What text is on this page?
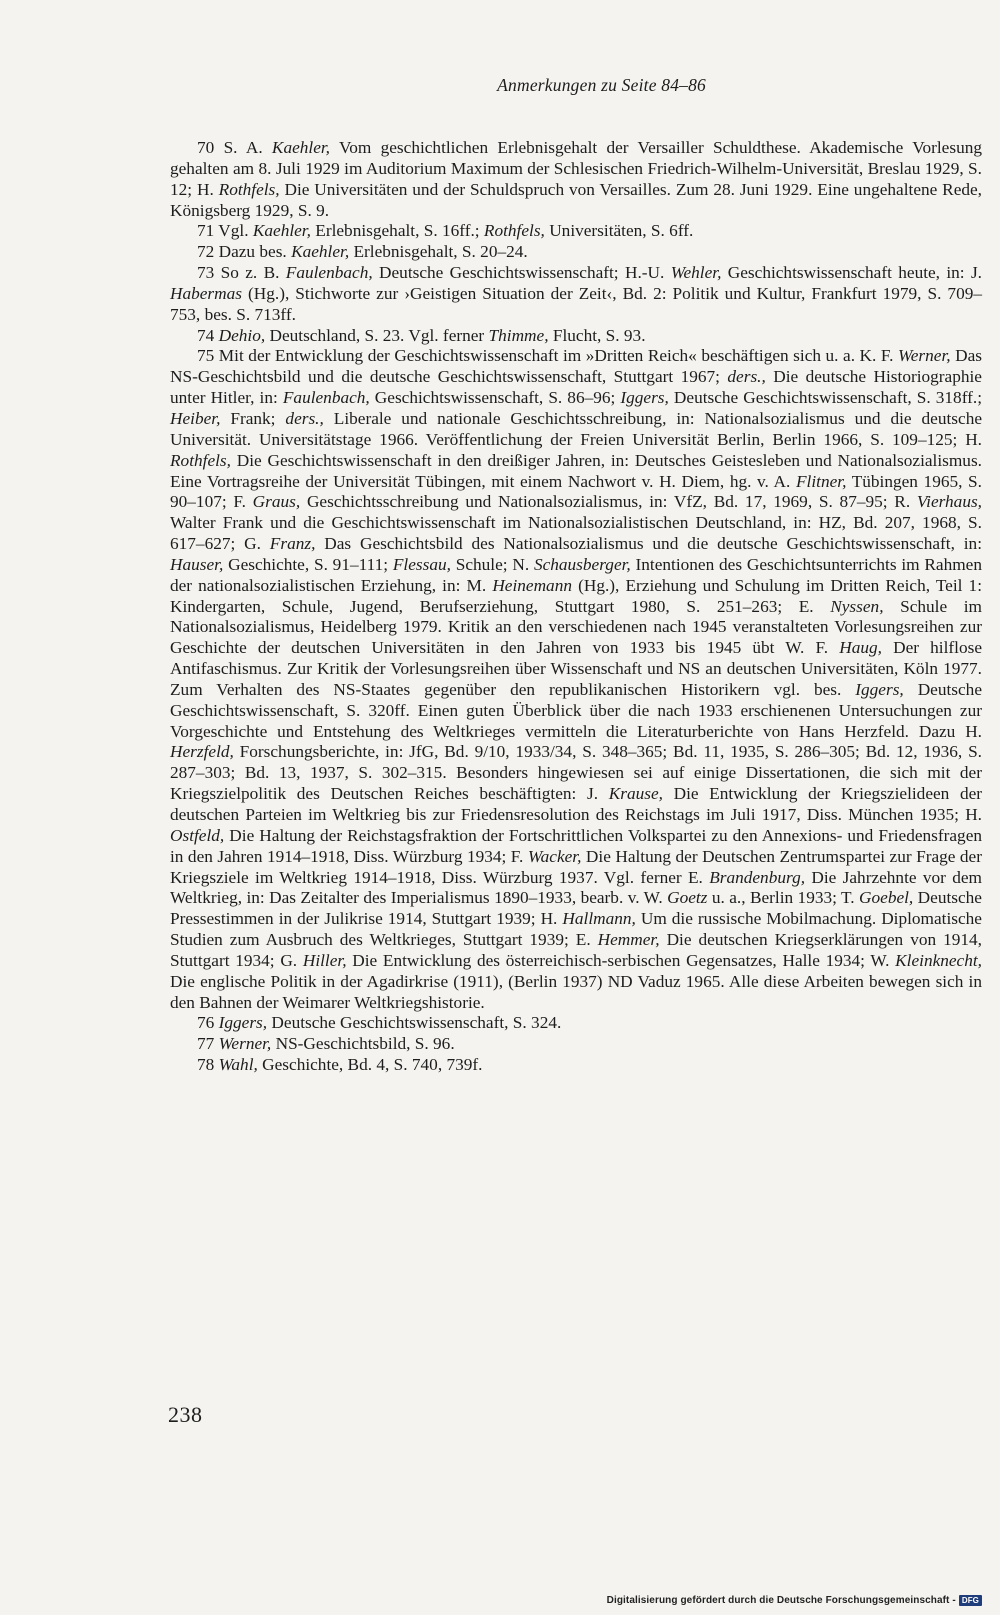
Anmerkungen zu Seite 84–86

70 S. A. Kaehler, Vom geschichtlichen Erlebnisgehalt der Versailler Schuldthese. Akademische Vorlesung gehalten am 8. Juli 1929 im Auditorium Maximum der Schlesischen Friedrich-Wilhelm-Universität, Breslau 1929, S. 12; H. Rothfels, Die Universitäten und der Schuldspruch von Versailles. Zum 28. Juni 1929. Eine ungehaltene Rede, Königsberg 1929, S. 9.

71 Vgl. Kaehler, Erlebnisgehalt, S. 16ff.; Rothfels, Universitäten, S. 6ff.

72 Dazu bes. Kaehler, Erlebnisgehalt, S. 20–24.

73 So z. B. Faulenbach, Deutsche Geschichtswissenschaft; H.-U. Wehler, Geschichtswissenschaft heute, in: J. Habermas (Hg.), Stichworte zur ›Geistigen Situation der Zeit‹, Bd. 2: Politik und Kultur, Frankfurt 1979, S. 709–753, bes. S. 713ff.

74 Dehio, Deutschland, S. 23. Vgl. ferner Thimme, Flucht, S. 93.

75 Mit der Entwicklung der Geschichtswissenschaft im »Dritten Reich« beschäftigen sich u. a. K. F. Werner, Das NS-Geschichtsbild und die deutsche Geschichtswissenschaft, Stuttgart 1967; ders., Die deutsche Historiographie unter Hitler, in: Faulenbach, Geschichtswissenschaft, S. 86–96; Iggers, Deutsche Geschichtswissenschaft, S. 318ff.; Heiber, Frank; ders., Liberale und nationale Geschichtsschreibung, in: Nationalsozialismus und die deutsche Universität. Universitätstage 1966. Veröffentlichung der Freien Universität Berlin, Berlin 1966, S. 109–125; H. Rothfels, Die Geschichtswissenschaft in den dreißiger Jahren, in: Deutsches Geistesleben und Nationalsozialismus. Eine Vortragsreihe der Universität Tübingen, mit einem Nachwort v. H. Diem, hg. v. A. Flitner, Tübingen 1965, S. 90–107; F. Graus, Geschichtsschreibung und Nationalsozialismus, in: VfZ, Bd. 17, 1969, S. 87–95; R. Vierhaus, Walter Frank und die Geschichtswissenschaft im Nationalsozialistischen Deutschland, in: HZ, Bd. 207, 1968, S. 617–627; G. Franz, Das Geschichtsbild des Nationalsozialismus und die deutsche Geschichtswissenschaft, in: Hauser, Geschichte, S. 91–111; Flessau, Schule; N. Schausberger, Intentionen des Geschichtsunterrichts im Rahmen der nationalsozialistischen Erziehung, in: M. Heinemann (Hg.), Erziehung und Schulung im Dritten Reich, Teil 1: Kindergarten, Schule, Jugend, Berufserziehung, Stuttgart 1980, S. 251–263; E. Nyssen, Schule im Nationalsozialismus, Heidelberg 1979. Kritik an den verschiedenen nach 1945 veranstalteten Vorlesungsreihen zur Geschichte der deutschen Universitäten in den Jahren von 1933 bis 1945 übt W. F. Haug, Der hilflose Antifaschismus. Zur Kritik der Vorlesungsreihen über Wissenschaft und NS an deutschen Universitäten, Köln 1977. Zum Verhalten des NS-Staates gegenüber den republikanischen Historikern vgl. bes. Iggers, Deutsche Geschichtswissenschaft, S. 320ff. Einen guten Überblick über die nach 1933 erschienenen Untersuchungen zur Vorgeschichte und Entstehung des Weltkrieges vermitteln die Literaturberichte von Hans Herzfeld. Dazu H. Herzfeld, Forschungsberichte, in: JfG, Bd. 9/10, 1933/34, S. 348–365; Bd. 11, 1935, S. 286–305; Bd. 12, 1936, S. 287–303; Bd. 13, 1937, S. 302–315. Besonders hingewiesen sei auf einige Dissertationen, die sich mit der Kriegszielpolitik des Deutschen Reiches beschäftigten: J. Krause, Die Entwicklung der Kriegszielideen der deutschen Parteien im Weltkrieg bis zur Friedensresolution des Reichstags im Juli 1917, Diss. München 1935; H. Ostfeld, Die Haltung der Reichstagsfraktion der Fortschrittlichen Volkspartei zu den Annexions- und Friedensfragen in den Jahren 1914–1918, Diss. Würzburg 1934; F. Wacker, Die Haltung der Deutschen Zentrumspartei zur Frage der Kriegsziele im Weltkrieg 1914–1918, Diss. Würzburg 1937. Vgl. ferner E. Brandenburg, Die Jahrzehnte vor dem Weltkrieg, in: Das Zeitalter des Imperialismus 1890–1933, bearb. v. W. Goetz u. a., Berlin 1933; T. Goebel, Deutsche Pressestimmen in der Julikrise 1914, Stuttgart 1939; H. Hallmann, Um die russische Mobilmachung. Diplomatische Studien zum Ausbruch des Weltkrieges, Stuttgart 1939; E. Hemmer, Die deutschen Kriegserklärungen von 1914, Stuttgart 1934; G. Hiller, Die Entwicklung des österreichisch-serbischen Gegensatzes, Halle 1934; W. Kleinknecht, Die englische Politik in der Agadirkrise (1911), (Berlin 1937) ND Vaduz 1965. Alle diese Arbeiten bewegen sich in den Bahnen der Weimarer Weltkriegshistorie.

76 Iggers, Deutsche Geschichtswissenschaft, S. 324.

77 Werner, NS-Geschichtsbild, S. 96.

78 Wahl, Geschichte, Bd. 4, S. 740, 739f.

238
Digitalisierung gefördert durch die Deutsche Forschungsgemeinschaft - DFG
